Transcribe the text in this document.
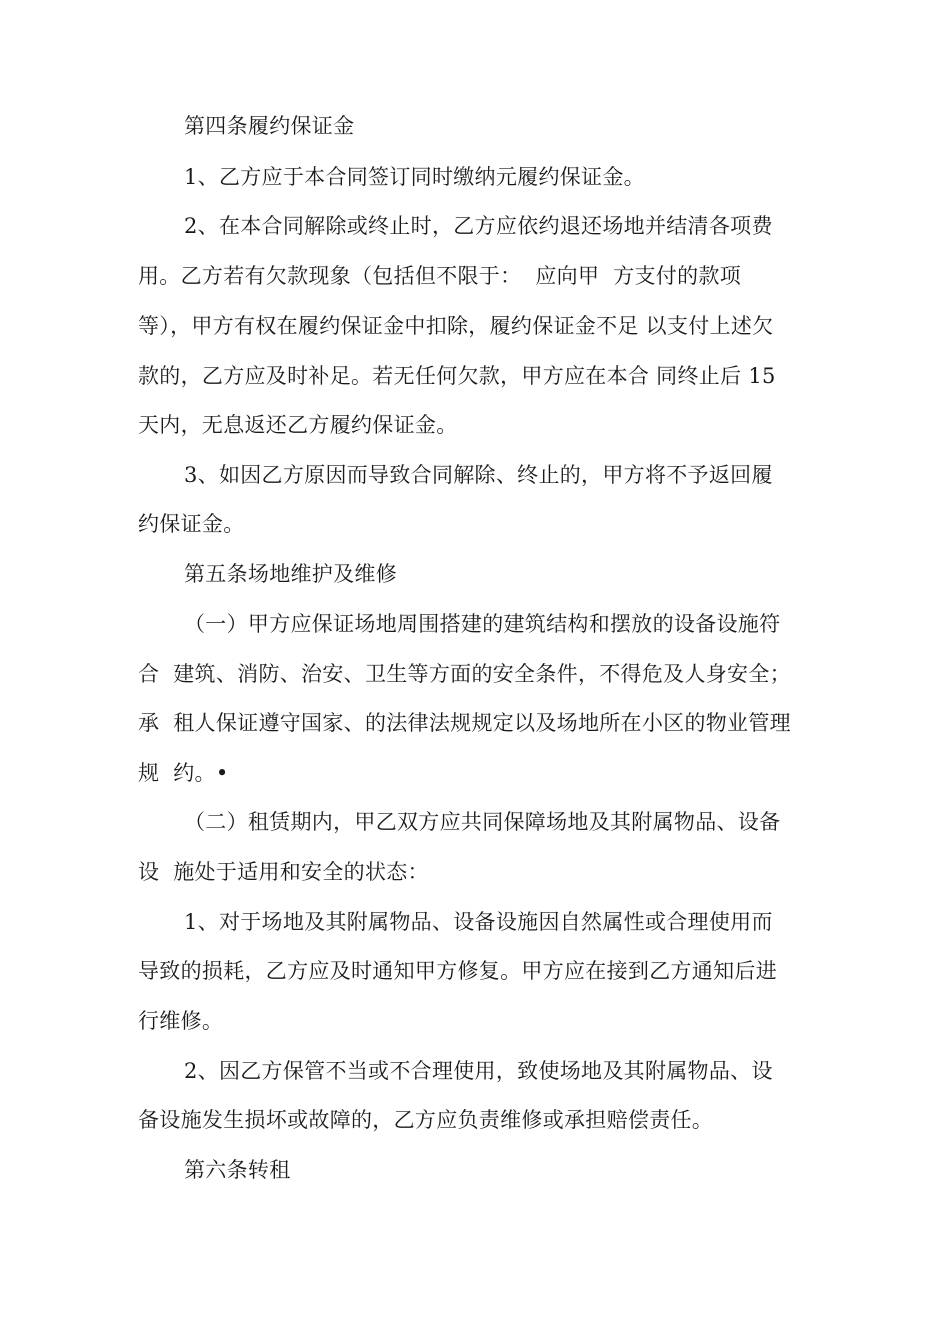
第四条履约保证金
1、乙方应于本合同签订同时缴纳元履约保证金。
2、在本合同解除或终止时，乙方应依约退还场地并结清各项费
用。乙方若有欠款现象（包括但不限于：  应向甲  方支付的款项
等），甲方有权在履约保证金中扣除，履约保证金不足 以支付上述欠
款的，乙方应及时补足。若无任何欠款，甲方应在本合 同终止后 15
天内，无息返还乙方履约保证金。
3、如因乙方原因而导致合同解除、终止的，甲方将不予返回履
约保证金。
第五条场地维护及维修
（一）甲方应保证场地周围搭建的建筑结构和摆放的设备设施符
合  建筑、消防、治安、卫生等方面的安全条件，不得危及人身安全；
承  租人保证遵守国家、的法律法规规定以及场地所在小区的物业管理
规  约。•
（二）租赁期内，甲乙双方应共同保障场地及其附属物品、设备
设  施处于适用和安全的状态：
1、对于场地及其附属物品、设备设施因自然属性或合理使用而
导致的损耗，乙方应及时通知甲方修复。甲方应在接到乙方通知后进
行维修。
2、因乙方保管不当或不合理使用，致使场地及其附属物品、设
备设施发生损坏或故障的，乙方应负责维修或承担赔偿责任。
第六条转租
